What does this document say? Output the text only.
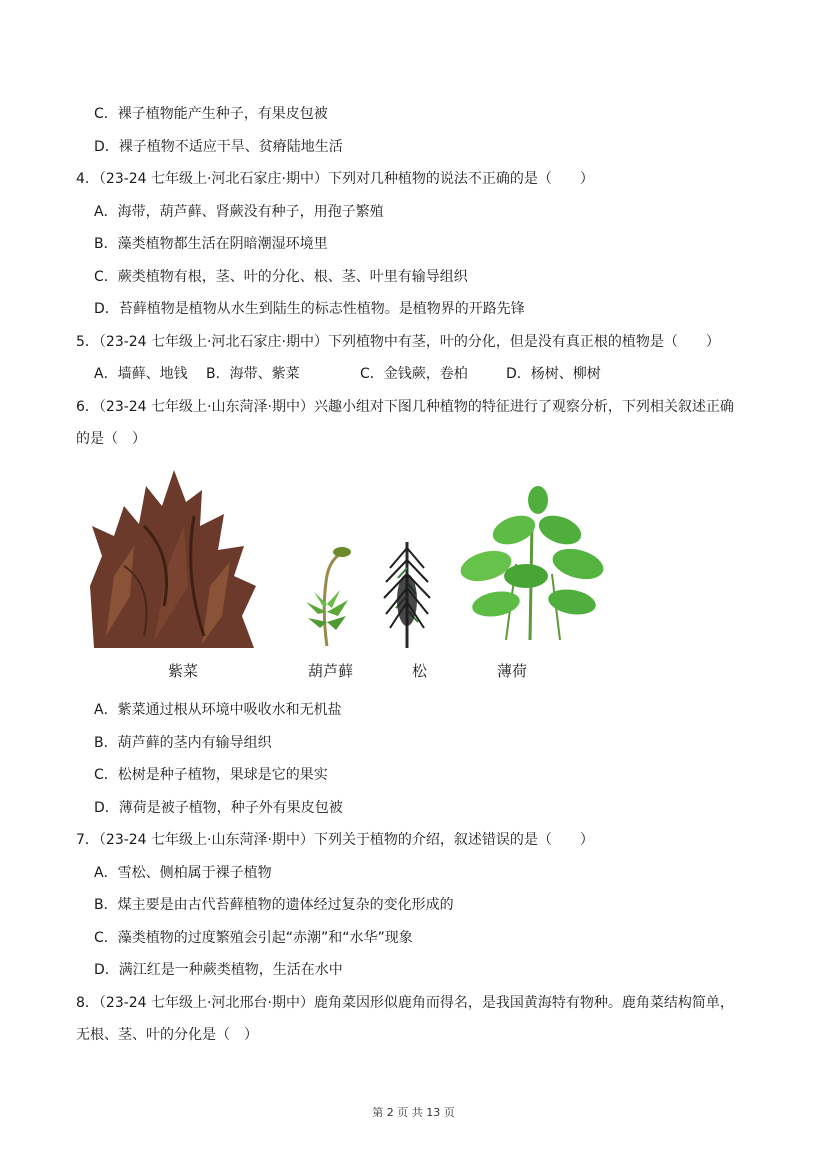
C．裸子植物能产生种子，有果皮包被
D．裸子植物不适应干旱、贫瘠陆地生活
4．（23-24 七年级上·河北石家庄·期中）下列对几种植物的说法不正确的是（　　）
A．海带，葫芦藓、肾蕨没有种子，用孢子繁殖
B．藻类植物都生活在阴暗潮湿环境里
C．蕨类植物有根，茎、叶的分化、根、茎、叶里有输导组织
D．苔藓植物是植物从水生到陆生的标志性植物。是植物界的开路先锋
5．（23-24 七年级上·河北石家庄·期中）下列植物中有茎，叶的分化，但是没有真正根的植物是（　　）
A．墙藓、地钱 B．海带、紫菜	C．金钱蕨，卷柏	D．杨树、柳树
6．（23-24 七年级上·山东菏泽·期中）兴趣小组对下图几种植物的特征进行了观察分析，下列相关叙述正确
的是（　）
紫菜	葫芦藓	松	薄荷
A．紫菜通过根从环境中吸收水和无机盐
B．葫芦藓的茎内有输导组织
C．松树是种子植物，果球是它的果实
D．薄荷是被子植物，种子外有果皮包被
7．（23-24 七年级上·山东菏泽·期中）下列关于植物的介绍，叙述错误的是（　　）
A．雪松、侧柏属于裸子植物
B．煤主要是由古代苔藓植物的遗体经过复杂的变化形成的
C．藻类植物的过度繁殖会引起“赤潮”和“水华”现象
D．满江红是一种蕨类植物，生活在水中
8．（23-24 七年级上·河北邢台·期中）鹿角菜因形似鹿角而得名，是我国黄海特有物种。鹿角菜结构简单，
无根、茎、叶的分化是（　）
第 2 页 共 13 页
